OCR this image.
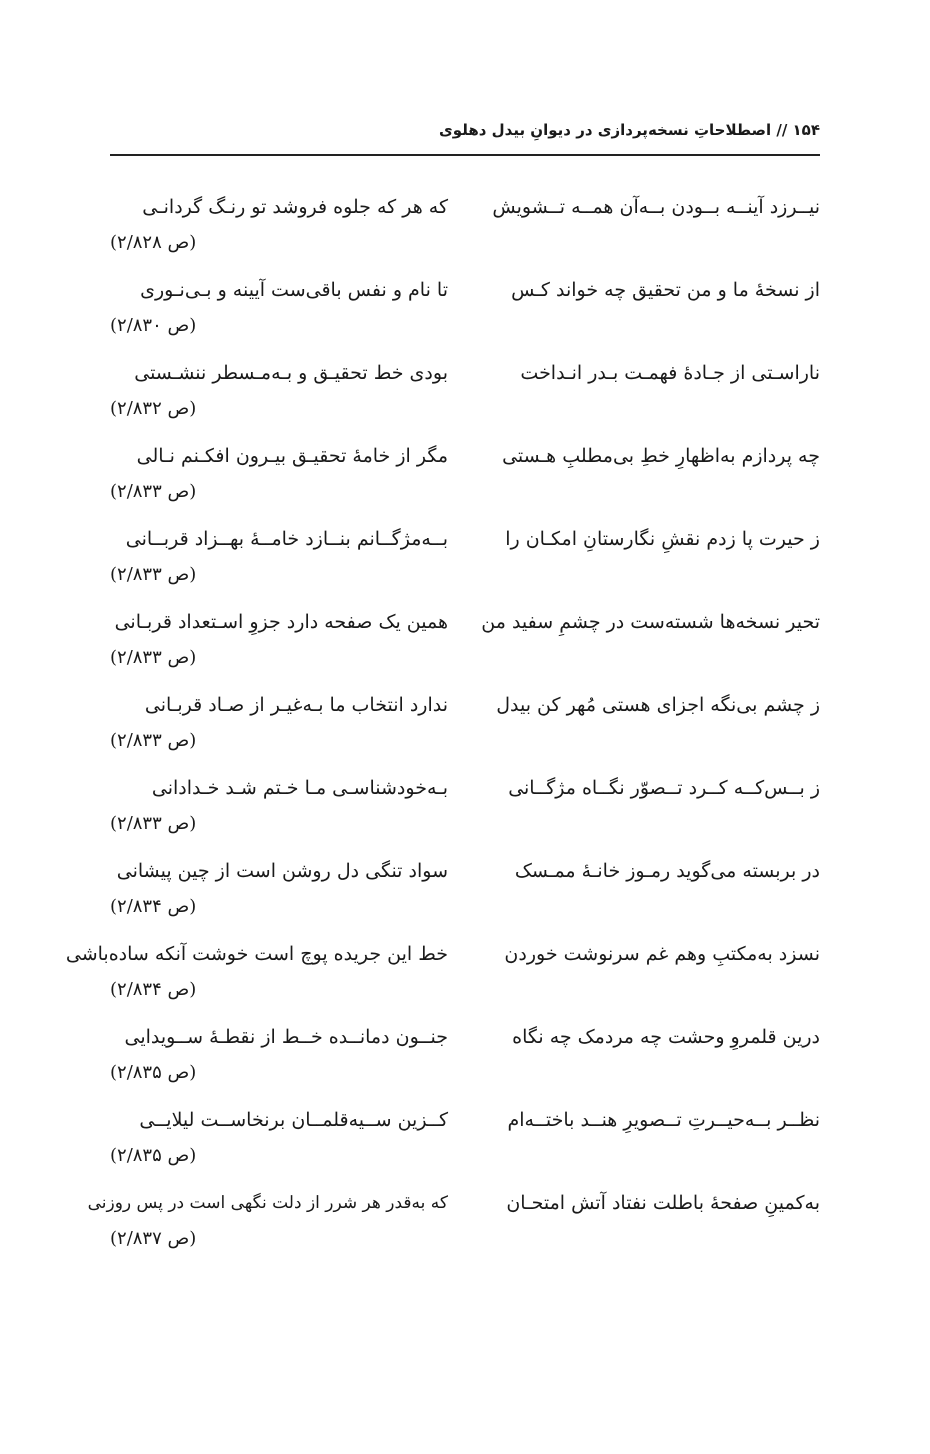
۱۵۴ // اصطلاحاتِ نسخه‌پردازی در دیوانِ بیدل دهلوی
نیــرزد آینــه بــودن بــه‌آن همــه تــشویش
که هر که جلوه فروشد تو رنـگ گردانـی
(ص ۲/۸۲۸)
از نسخهٔ ما و من تحقیق چه خواند کـس
تا نام و نفس باقی‌ست آیینه و بـی‌نـوری
(ص ۲/۸۳۰)
ناراسـتی از جـادهٔ فهمـت بـدر انـداخت
بودی خط تحقیـق و بـه‌مـسطر ننشـستی
(ص ۲/۸۳۲)
چه پردازم به‌اظهارِ خطِ بی‌مطلبِ هـستی
مگر از خامهٔ تحقیـق بیـرون افکـنم نـالی
(ص ۲/۸۳۳)
ز حیرت پا زدم نقشِ نگارستانِ امکـان را
بــه‌مژگــانم بنــازد خامــهٔ بهــزاد قربــانی
(ص ۲/۸۳۳)
تحیر نسخه‌ها شسته‌ست در چشمِ سفید من
همین یک صفحه دارد جزوِ اسـتعداد قربـانی
(ص ۲/۸۳۳)
ز چشم بی‌نگه اجزای هستی مُهر کن بیدل
ندارد انتخاب ما بـه‌غیـر از صـاد قربـانی
(ص ۲/۸۳۳)
ز بــس‌کــه کــرد تــصوّر نگــاه مژگــانی
بـه‌خودشناسـی مـا خـتم شـد خـدادانی
(ص ۲/۸۳۳)
در بربسته می‌گوید رمـوز خانـهٔ ممـسک
سواد تنگی دل روشن است از چین پیشانی
(ص ۲/۸۳۴)
نسزد به‌مکتبِ وهم غم سرنوشت خوردن
خط این جریده پوچ است خوشت آنکه ساده‌باشی
(ص ۲/۸۳۴)
درین قلمروِ وحشت چه مردمک چه نگاه
جنــون دمانــده خــط از نقطـهٔ ســویدایی
(ص ۲/۸۳۵)
نظــر بــه‌حیــرتِ تــصویرِ هنــد باختــه‌ام
کــزین ســیه‌قلمــان برنخاســت لیلایــی
(ص ۲/۸۳۵)
به‌کمینِ صفحهٔ باطلت نفتاد آتش امتحـان
که به‌قدر هر شرر از دلت نگهی است در پس روزنی
(ص ۲/۸۳۷)
